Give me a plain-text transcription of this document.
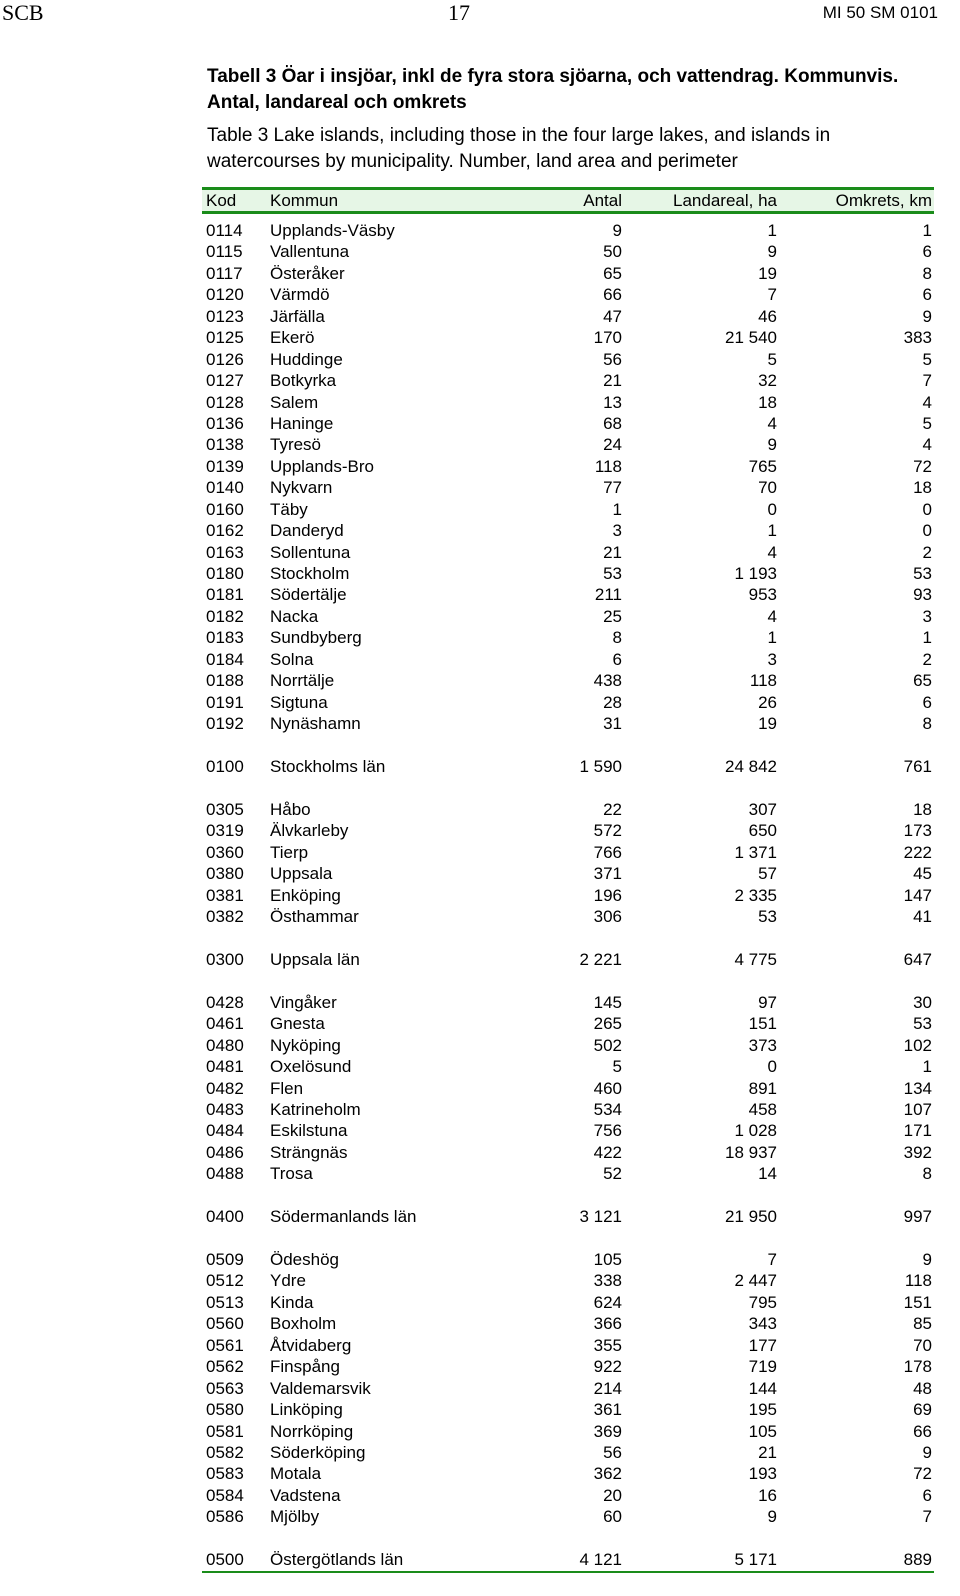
SCB	17	MI 50 SM 0101

Tabell 3 Öar i insjöar, inkl de fyra stora sjöarna, och vattendrag. Kommunvis. Antal, landareal och omkrets

Table 3 Lake islands, including those in the four large lakes, and islands in watercourses by municipality. Number, land area and perimeter

Kod Kommun	Antal	Landareal, ha	Omkrets, km
0114 Upplands-Väsby	9	1	1
0115 Vallentuna	50	9	6
0117 Österåker	65	19	8
0120 Värmdö	66	7	6
0123 Järfälla	47	46	9
0125 Ekerö	170	21 540	383
0126 Huddinge	56	5	5
0127 Botkyrka	21	32	7
0128 Salem	13	18	4
0136 Haninge	68	4	5
0138 Tyresö	24	9	4
0139 Upplands-Bro	118	765	72
0140 Nykvarn	77	70	18
0160 Täby	1	0	0
0162 Danderyd	3	1	0
0163 Sollentuna	21	4	2
0180 Stockholm	53	1 193	53
0181 Södertälje	211	953	93
0182 Nacka	25	4	3
0183 Sundbyberg	8	1	1
0184 Solna	6	3	2
0188 Norrtälje	438	118	65
0191 Sigtuna	28	26	6
0192 Nynäshamn	31	19	8
0100 Stockholms län	1 590	24 842	761
0305 Håbo	22	307	18
0319 Älvkarleby	572	650	173
0360 Tierp	766	1 371	222
0380 Uppsala	371	57	45
0381 Enköping	196	2 335	147
0382 Östhammar	306	53	41
0300 Uppsala län	2 221	4 775	647
0428 Vingåker	145	97	30
0461 Gnesta	265	151	53
0480 Nyköping	502	373	102
0481 Oxelösund	5	0	1
0482 Flen	460	891	134
0483 Katrineholm	534	458	107
0484 Eskilstuna	756	1 028	171
0486 Strängnäs	422	18 937	392
0488 Trosa	52	14	8
0400 Södermanlands län	3 121	21 950	997
0509 Ödeshög	105	7	9
0512 Ydre	338	2 447	118
0513 Kinda	624	795	151
0560 Boxholm	366	343	85
0561 Åtvidaberg	355	177	70
0562 Finspång	922	719	178
0563 Valdemarsvik	214	144	48
0580 Linköping	361	195	69
0581 Norrköping	369	105	66
0582 Söderköping	56	21	9
0583 Motala	362	193	72
0584 Vadstena	20	16	6
0586 Mjölby	60	9	7
0500 Östergötlands län	4 121	5 171	889
